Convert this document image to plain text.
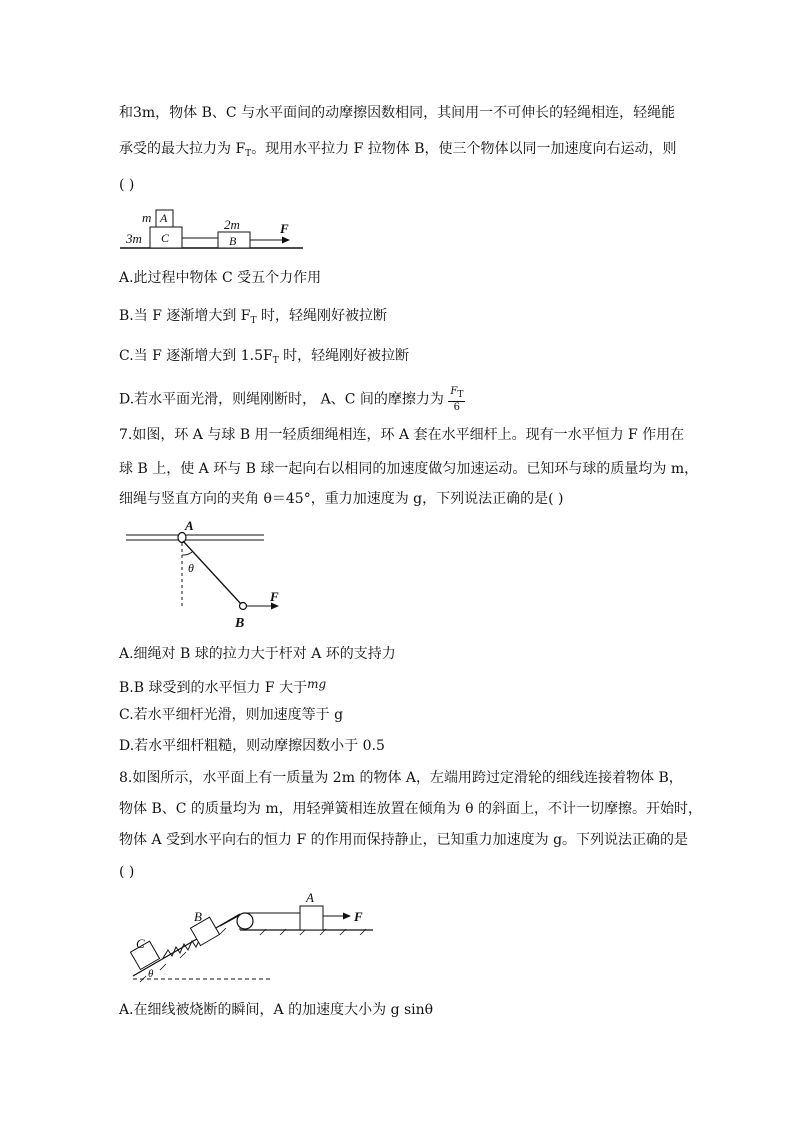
和3m，物体 B、C 与水平面间的动摩擦因数相同，其间用一不可伸长的轻绳相连，轻绳能
承受的最大拉力为 $F_T$。现用水平拉力 F 拉物体 B，使三个物体以同一加速度向右运动，则
( )
m A
3m C
2m
B
F
A.此过程中物体 C 受五个力作用
B.当 F 逐渐增大到 $F_T$ 时，轻绳刚好被拉断
C.当 F 逐渐增大到 $1.5F_T$ 时，轻绳刚好被拉断
D.若水平面光滑，则绳刚断时， A、C 间的摩擦力为 $\frac{FT}{6}$
7.如图，环 A 与球 B 用一轻质细绳相连，环 A 套在水平细杆上。现有一水平恒力 F 作用在
球 B 上，使 A 环与 B 球一起向右以相同的加速度做匀加速运动。已知环与球的质量均为 m，
细绳与竖直方向的夹角 θ＝45°，重力加速度为 g，下列说法正确的是( )
A
θ
B
F
A.细绳对 B 球的拉力大于杆对 A 环的支持力
B.B 球受到的水平恒力 F 大于mg
C.若水平细杆光滑，则加速度等于 g
D.若水平细杆粗糙，则动摩擦因数小于 0.5
8.如图所示，水平面上有一质量为 2m 的物体 A，左端用跨过定滑轮的细线连接着物体 B，
物体 B、C 的质量均为 m，用轻弹簧相连放置在倾角为 θ 的斜面上，不计一切摩擦。开始时，
物体 A 受到水平向右的恒力 F 的作用而保持静止，已知重力加速度为 g。下列说法正确的是
( )
C
B
A
F
θ
A.在细线被烧断的瞬间，A 的加速度大小为 g sinθ
